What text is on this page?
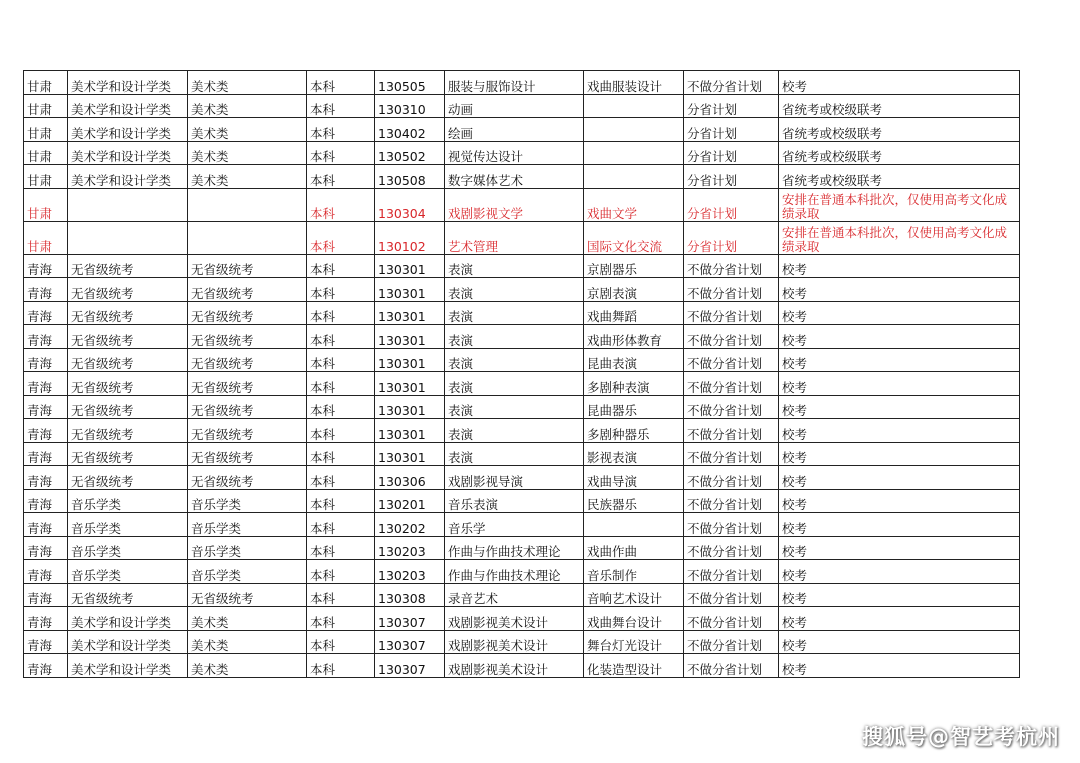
甘肃	美术学和设计学类	美术类	本科	130505	服装与服饰设计	戏曲服装设计	不做分省计划	校考
甘肃	美术学和设计学类	美术类	本科	130310	动画		分省计划	省统考或校级联考
甘肃	美术学和设计学类	美术类	本科	130402	绘画		分省计划	省统考或校级联考
甘肃	美术学和设计学类	美术类	本科	130502	视觉传达设计		分省计划	省统考或校级联考
甘肃	美术学和设计学类	美术类	本科	130508	数字媒体艺术		分省计划	省统考或校级联考
甘肃			本科	130304	戏剧影视文学	戏曲文学	分省计划	安排在普通本科批次，仅使用高考文化成绩录取
甘肃			本科	130102	艺术管理	国际文化交流	分省计划	安排在普通本科批次，仅使用高考文化成绩录取
青海	无省级统考	无省级统考	本科	130301	表演	京剧器乐	不做分省计划	校考
青海	无省级统考	无省级统考	本科	130301	表演	京剧表演	不做分省计划	校考
青海	无省级统考	无省级统考	本科	130301	表演	戏曲舞蹈	不做分省计划	校考
青海	无省级统考	无省级统考	本科	130301	表演	戏曲形体教育	不做分省计划	校考
青海	无省级统考	无省级统考	本科	130301	表演	昆曲表演	不做分省计划	校考
青海	无省级统考	无省级统考	本科	130301	表演	多剧种表演	不做分省计划	校考
青海	无省级统考	无省级统考	本科	130301	表演	昆曲器乐	不做分省计划	校考
青海	无省级统考	无省级统考	本科	130301	表演	多剧种器乐	不做分省计划	校考
青海	无省级统考	无省级统考	本科	130301	表演	影视表演	不做分省计划	校考
青海	无省级统考	无省级统考	本科	130306	戏剧影视导演	戏曲导演	不做分省计划	校考
青海	音乐学类	音乐学类	本科	130201	音乐表演	民族器乐	不做分省计划	校考
青海	音乐学类	音乐学类	本科	130202	音乐学		不做分省计划	校考
青海	音乐学类	音乐学类	本科	130203	作曲与作曲技术理论	戏曲作曲	不做分省计划	校考
青海	音乐学类	音乐学类	本科	130203	作曲与作曲技术理论	音乐制作	不做分省计划	校考
青海	无省级统考	无省级统考	本科	130308	录音艺术	音响艺术设计	不做分省计划	校考
青海	美术学和设计学类	美术类	本科	130307	戏剧影视美术设计	戏曲舞台设计	不做分省计划	校考
青海	美术学和设计学类	美术类	本科	130307	戏剧影视美术设计	舞台灯光设计	不做分省计划	校考
青海	美术学和设计学类	美术类	本科	130307	戏剧影视美术设计	化装造型设计	不做分省计划	校考
搜狐号@智艺考杭州
